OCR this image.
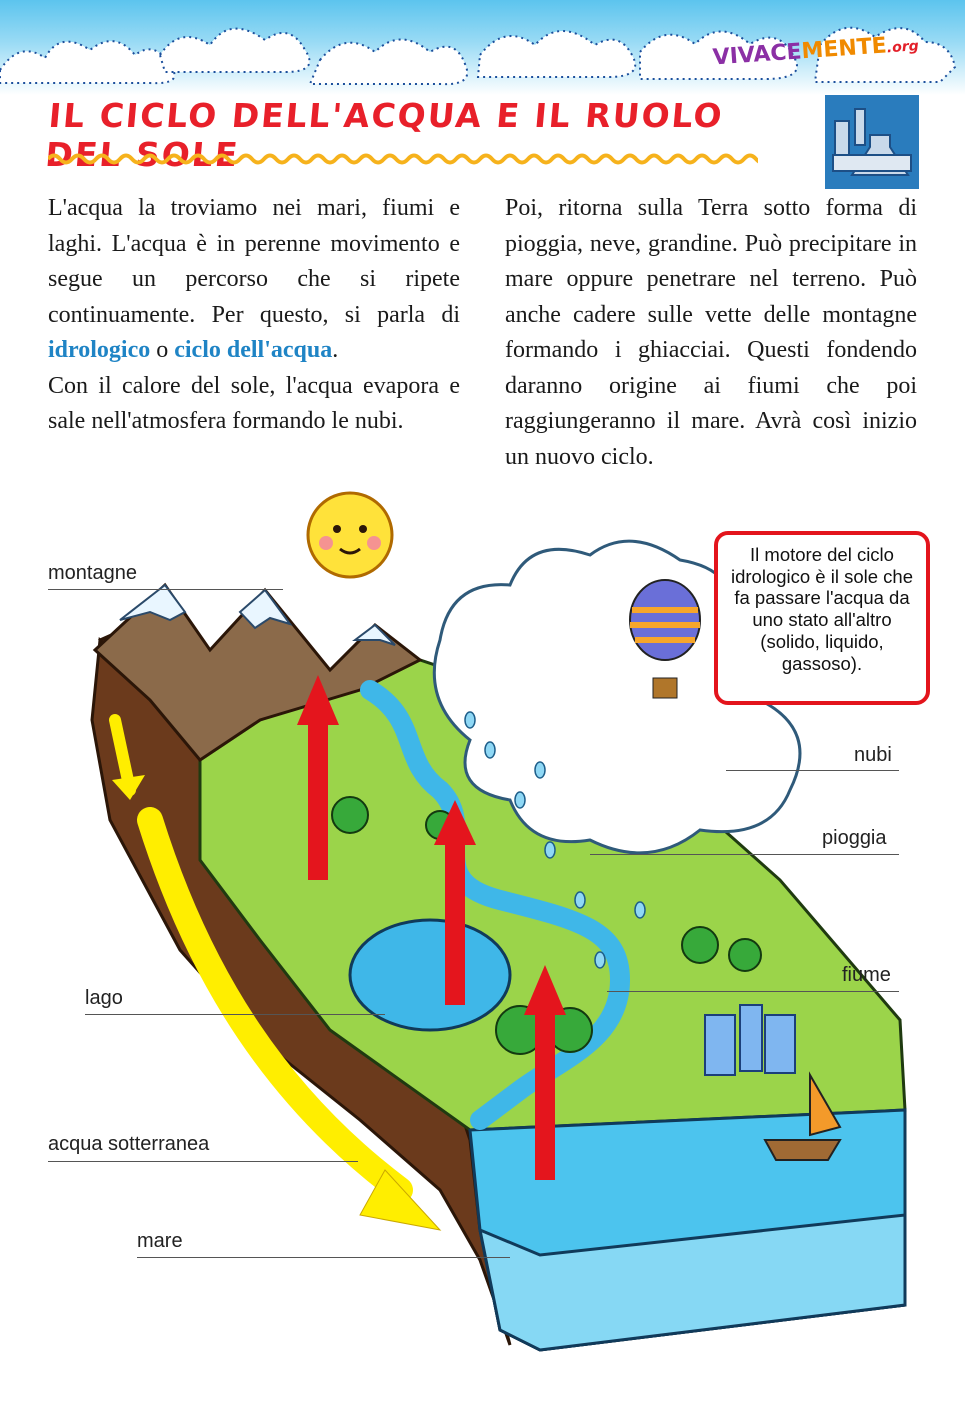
VIVACEMENTE.org
IL CICLO DELL'ACQUA E IL RUOLO DEL SOLE

L'acqua la troviamo nei mari, fiumi e laghi. L'acqua è in perenne movimento e segue un percorso che si ripete continuamente. Per questo, si parla di idrologico o ciclo dell'acqua.

Con il calore del sole, l'acqua evapora e sale nell'atmosfera formando le nubi.

Poi, ritorna sulla Terra sotto forma di pioggia, neve, grandine. Può precipitare in mare oppure penetrare nel terreno. Può anche cadere sulle vette delle montagne formando i ghiacciai. Questi fondendo daranno origine ai fiumi che poi raggiungeranno il mare. Avrà così inizio un nuovo ciclo.

Il motore del ciclo idrologico è il sole che fa passare l'acqua da uno stato all'altro (solido, liquido, gassoso).
montagne
nubi
pioggia
fiume
lago
acqua sotterranea
mare
